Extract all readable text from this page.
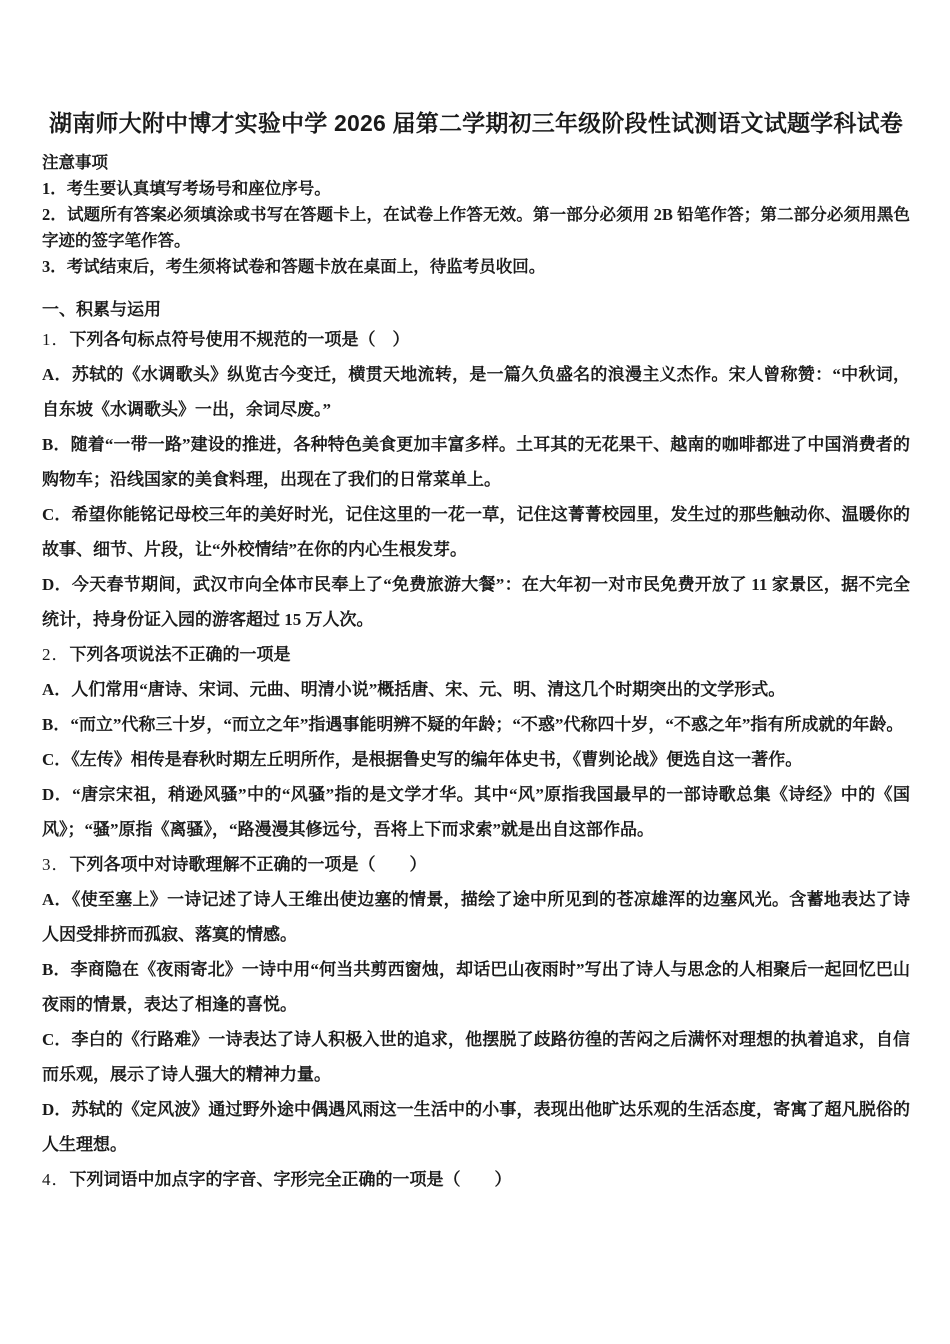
湖南师大附中博才实验中学 2026 届第二学期初三年级阶段性试测语文试题学科试卷

注意事项

1．考生要认真填写考场号和座位序号。

2．试题所有答案必须填涂或书写在答题卡上，在试卷上作答无效。第一部分必须用 2B 铅笔作答；第二部分必须用黑色字迹的签字笔作答。

3．考试结束后，考生须将试卷和答题卡放在桌面上，待监考员收回。

一、积累与运用

1．下列各句标点符号使用不规范的一项是（　）

A．苏轼的《水调歌头》纵览古今变迁，横贯天地流转，是一篇久负盛名的浪漫主义杰作。宋人曾称赞：“中秋词，自东坡《水调歌头》一出，余词尽废。”

B．随着“一带一路”建设的推进，各种特色美食更加丰富多样。土耳其的无花果干、越南的咖啡都进了中国消费者的购物车；沿线国家的美食料理，出现在了我们的日常菜单上。

C．希望你能铭记母校三年的美好时光，记住这里的一花一草，记住这菁菁校园里，发生过的那些触动你、温暖你的故事、细节、片段，让“外校情结”在你的内心生根发芽。

D．今天春节期间，武汉市向全体市民奉上了“免费旅游大餐”：在大年初一对市民免费开放了 11 家景区，据不完全统计，持身份证入园的游客超过 15 万人次。

2．下列各项说法不正确的一项是

A．人们常用“唐诗、宋词、元曲、明清小说”概括唐、宋、元、明、清这几个时期突出的文学形式。

B．“而立”代称三十岁，“而立之年”指遇事能明辨不疑的年龄；“不惑”代称四十岁，“不惑之年”指有所成就的年龄。

C．《左传》相传是春秋时期左丘明所作，是根据鲁史写的编年体史书，《曹刿论战》便选自这一著作。

D．“唐宗宋祖，稍逊风骚”中的“风骚”指的是文学才华。其中“风”原指我国最早的一部诗歌总集《诗经》中的《国风》；“骚”原指《离骚》，“路漫漫其修远兮，吾将上下而求索”就是出自这部作品。

3．下列各项中对诗歌理解不正确的一项是（　　）

A．《使至塞上》一诗记述了诗人王维出使边塞的情景，描绘了途中所见到的苍凉雄浑的边塞风光。含蓄地表达了诗人因受排挤而孤寂、落寞的情感。

B．李商隐在《夜雨寄北》一诗中用“何当共剪西窗烛，却话巴山夜雨时”写出了诗人与思念的人相聚后一起回忆巴山夜雨的情景，表达了相逢的喜悦。

C．李白的《行路难》一诗表达了诗人积极入世的追求，他摆脱了歧路彷徨的苦闷之后满怀对理想的执着追求，自信而乐观，展示了诗人强大的精神力量。

D．苏轼的《定风波》通过野外途中偶遇风雨这一生活中的小事，表现出他旷达乐观的生活态度，寄寓了超凡脱俗的人生理想。

4．下列词语中加点字的字音、字形完全正确的一项是（　　）
